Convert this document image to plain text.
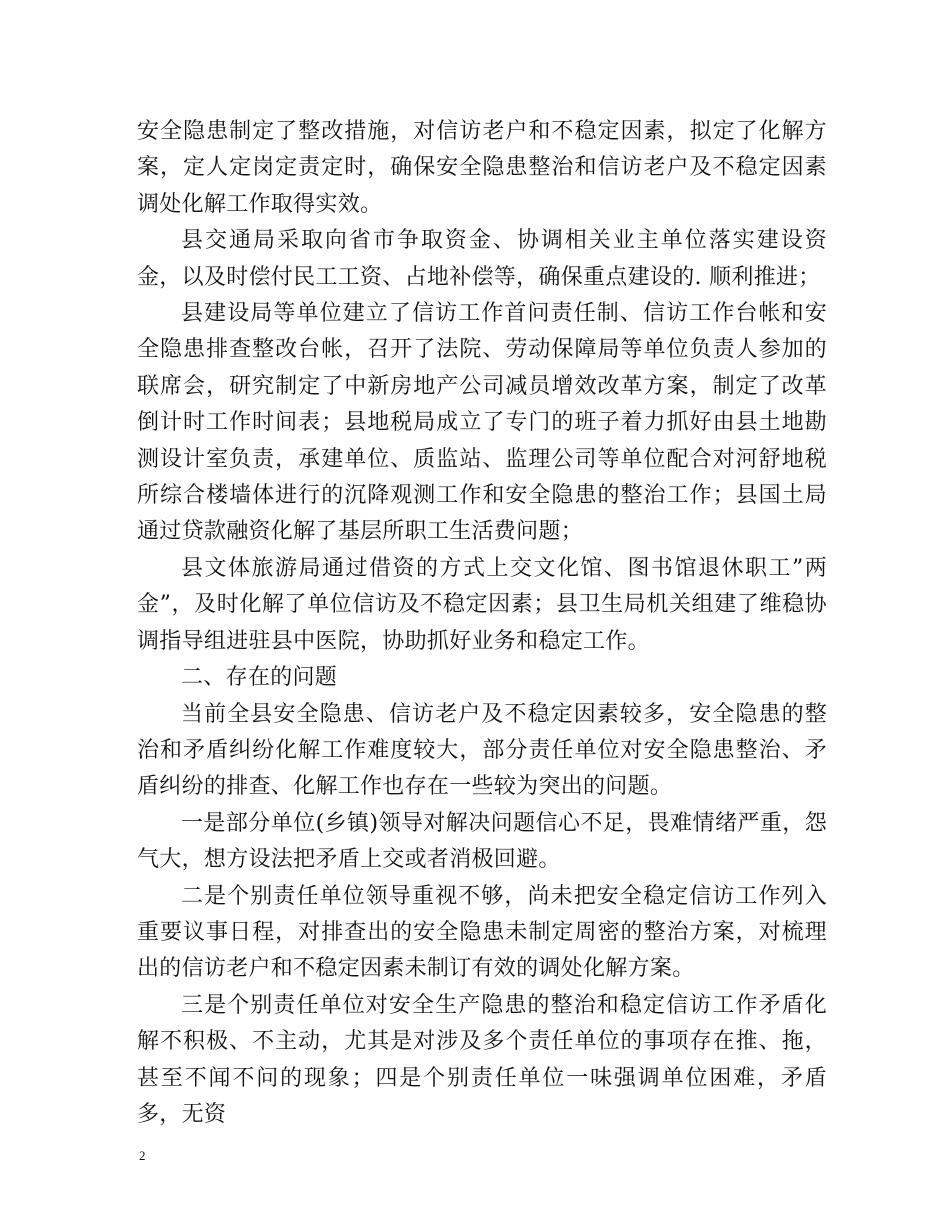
安全隐患制定了整改措施，对信访老户和不稳定因素，拟定了化解方案，定人定岗定责定时，确保安全隐患整治和信访老户及不稳定因素调处化解工作取得实效。

县交通局采取向省市争取资金、协调相关业主单位落实建设资金，以及时偿付民工工资、占地补偿等，确保重点建设的. 顺利推进；

县建设局等单位建立了信访工作首问责任制、信访工作台帐和安全隐患排查整改台帐，召开了法院、劳动保障局等单位负责人参加的联席会，研究制定了中新房地产公司减员增效改革方案，制定了改革倒计时工作时间表；县地税局成立了专门的班子着力抓好由县土地勘测设计室负责，承建单位、质监站、监理公司等单位配合对河舒地税所综合楼墙体进行的沉降观测工作和安全隐患的整治工作；县国土局通过贷款融资化解了基层所职工生活费问题；

县文体旅游局通过借资的方式上交文化馆、图书馆退休职工”两金”，及时化解了单位信访及不稳定因素；县卫生局机关组建了维稳协调指导组进驻县中医院，协助抓好业务和稳定工作。

二、存在的问题

当前全县安全隐患、信访老户及不稳定因素较多，安全隐患的整治和矛盾纠纷化解工作难度较大，部分责任单位对安全隐患整治、矛盾纠纷的排查、化解工作也存在一些较为突出的问题。

一是部分单位(乡镇)领导对解决问题信心不足，畏难情绪严重，怨气大，想方设法把矛盾上交或者消极回避。

二是个别责任单位领导重视不够，尚未把安全稳定信访工作列入重要议事日程，对排查出的安全隐患未制定周密的整治方案，对梳理出的信访老户和不稳定因素未制订有效的调处化解方案。

三是个别责任单位对安全生产隐患的整治和稳定信访工作矛盾化解不积极、不主动，尤其是对涉及多个责任单位的事项存在推、拖，甚至不闻不问的现象；四是个别责任单位一味强调单位困难，矛盾多，无资

2
